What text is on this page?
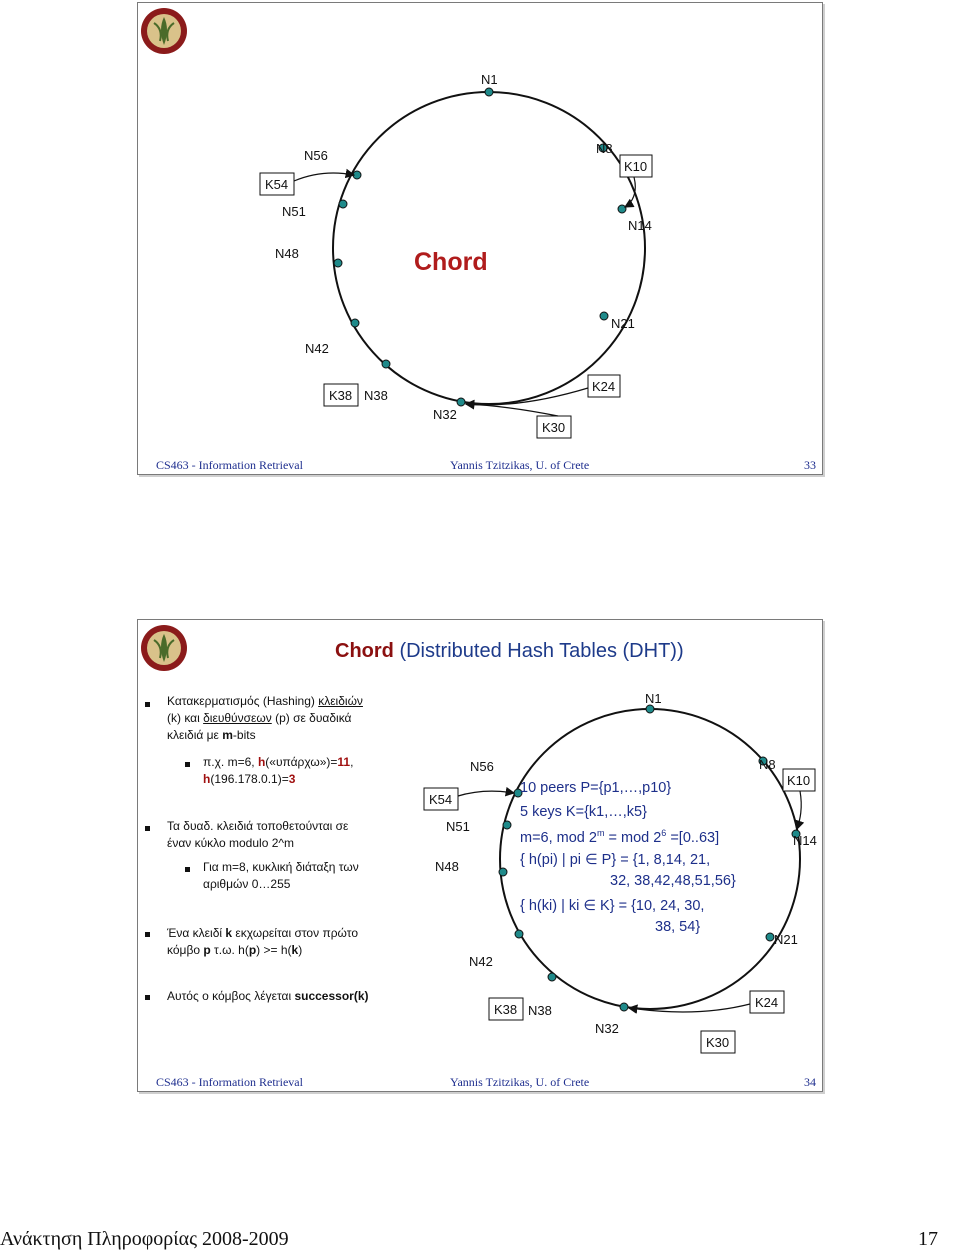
N1
N8
N14
N21
N32
N38
N42
N48
N51
N56
K10
K24
K30
K38
K54
Chord
CS463 - Information Retrieval	Yannis Tzitzikas, U. of Crete	33
Chord (Distributed Hash Tables (DHT))
Κατακερματισμός (Hashing) κλειδιών
(k) και διευθύνσεων (p) σε δυαδικά
κλειδιά με m-bits
π.χ. m=6, h(«υπάρχω»)=11,
h(196.178.0.1)=3
Τα δυαδ. κλειδιά τοποθετούνται σε
έναν κύκλο modulo 2^m
Για m=8, κυκλική διάταξη των
αριθμών 0…255
Ένα κλειδί k εκχωρείται στον πρώτο
κόμβο p τ.ω. h(p) >= h(k)
Αυτός ο κόμβος λέγεται successor(k)
N1
N8
N14
N21
N32
N38
N42
N48
N51
N56
K10
K24
K30
K38
K54
10 peers P={p1,…,p10}
5 keys K={k1,…,k5}
m=6, mod $2^m$ = mod $2^6 =[0..63]$
{ h(pi) | pi ∈ P} = {1, 8,14, 21,
32, 38,42,48,51,56}
{ h(ki) | ki ∈ K} = {10, 24, 30,
38, 54}
CS463 - Information Retrieval	Yannis Tzitzikas, U. of Crete	34
Ανάκτηση Πληροφορίας 2008-2009	17
